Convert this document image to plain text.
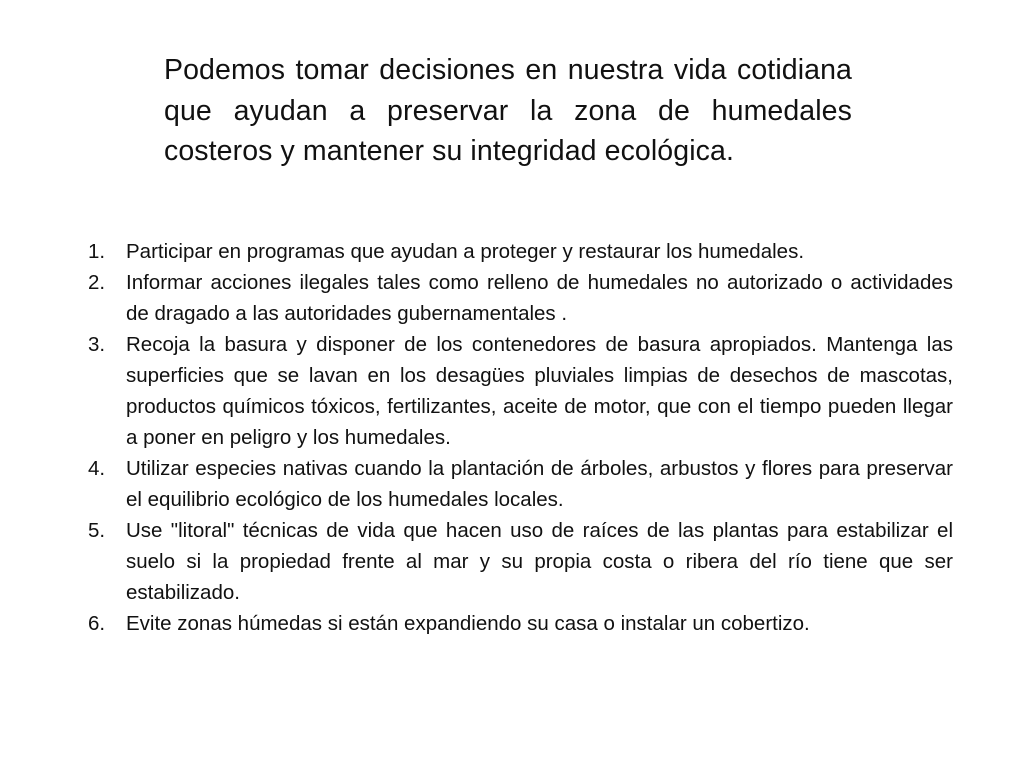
Podemos tomar decisiones en nuestra vida cotidiana que ayudan a preservar la zona de humedales costeros y mantener su integridad ecológica.

1.	Participar en programas que ayudan a proteger y restaurar los humedales.
2.	Informar acciones ilegales tales como relleno de humedales no autorizado o actividades de dragado a las autoridades gubernamentales .
3.	Recoja la basura y disponer de los contenedores de basura apropiados. Mantenga las superficies que se lavan en los desagües pluviales limpias de desechos de mascotas, productos químicos tóxicos, fertilizantes, aceite de motor, que con el tiempo pueden llegar a poner en peligro y los humedales.
4.	Utilizar especies nativas cuando la plantación de árboles, arbustos y flores para preservar el equilibrio ecológico de los humedales locales.
5.	Use "litoral" técnicas de vida que hacen uso de raíces de las plantas para estabilizar el suelo si la propiedad frente al mar y su propia costa o ribera del río tiene que ser estabilizado.
6.	Evite zonas húmedas si están expandiendo su casa o instalar un cobertizo.
